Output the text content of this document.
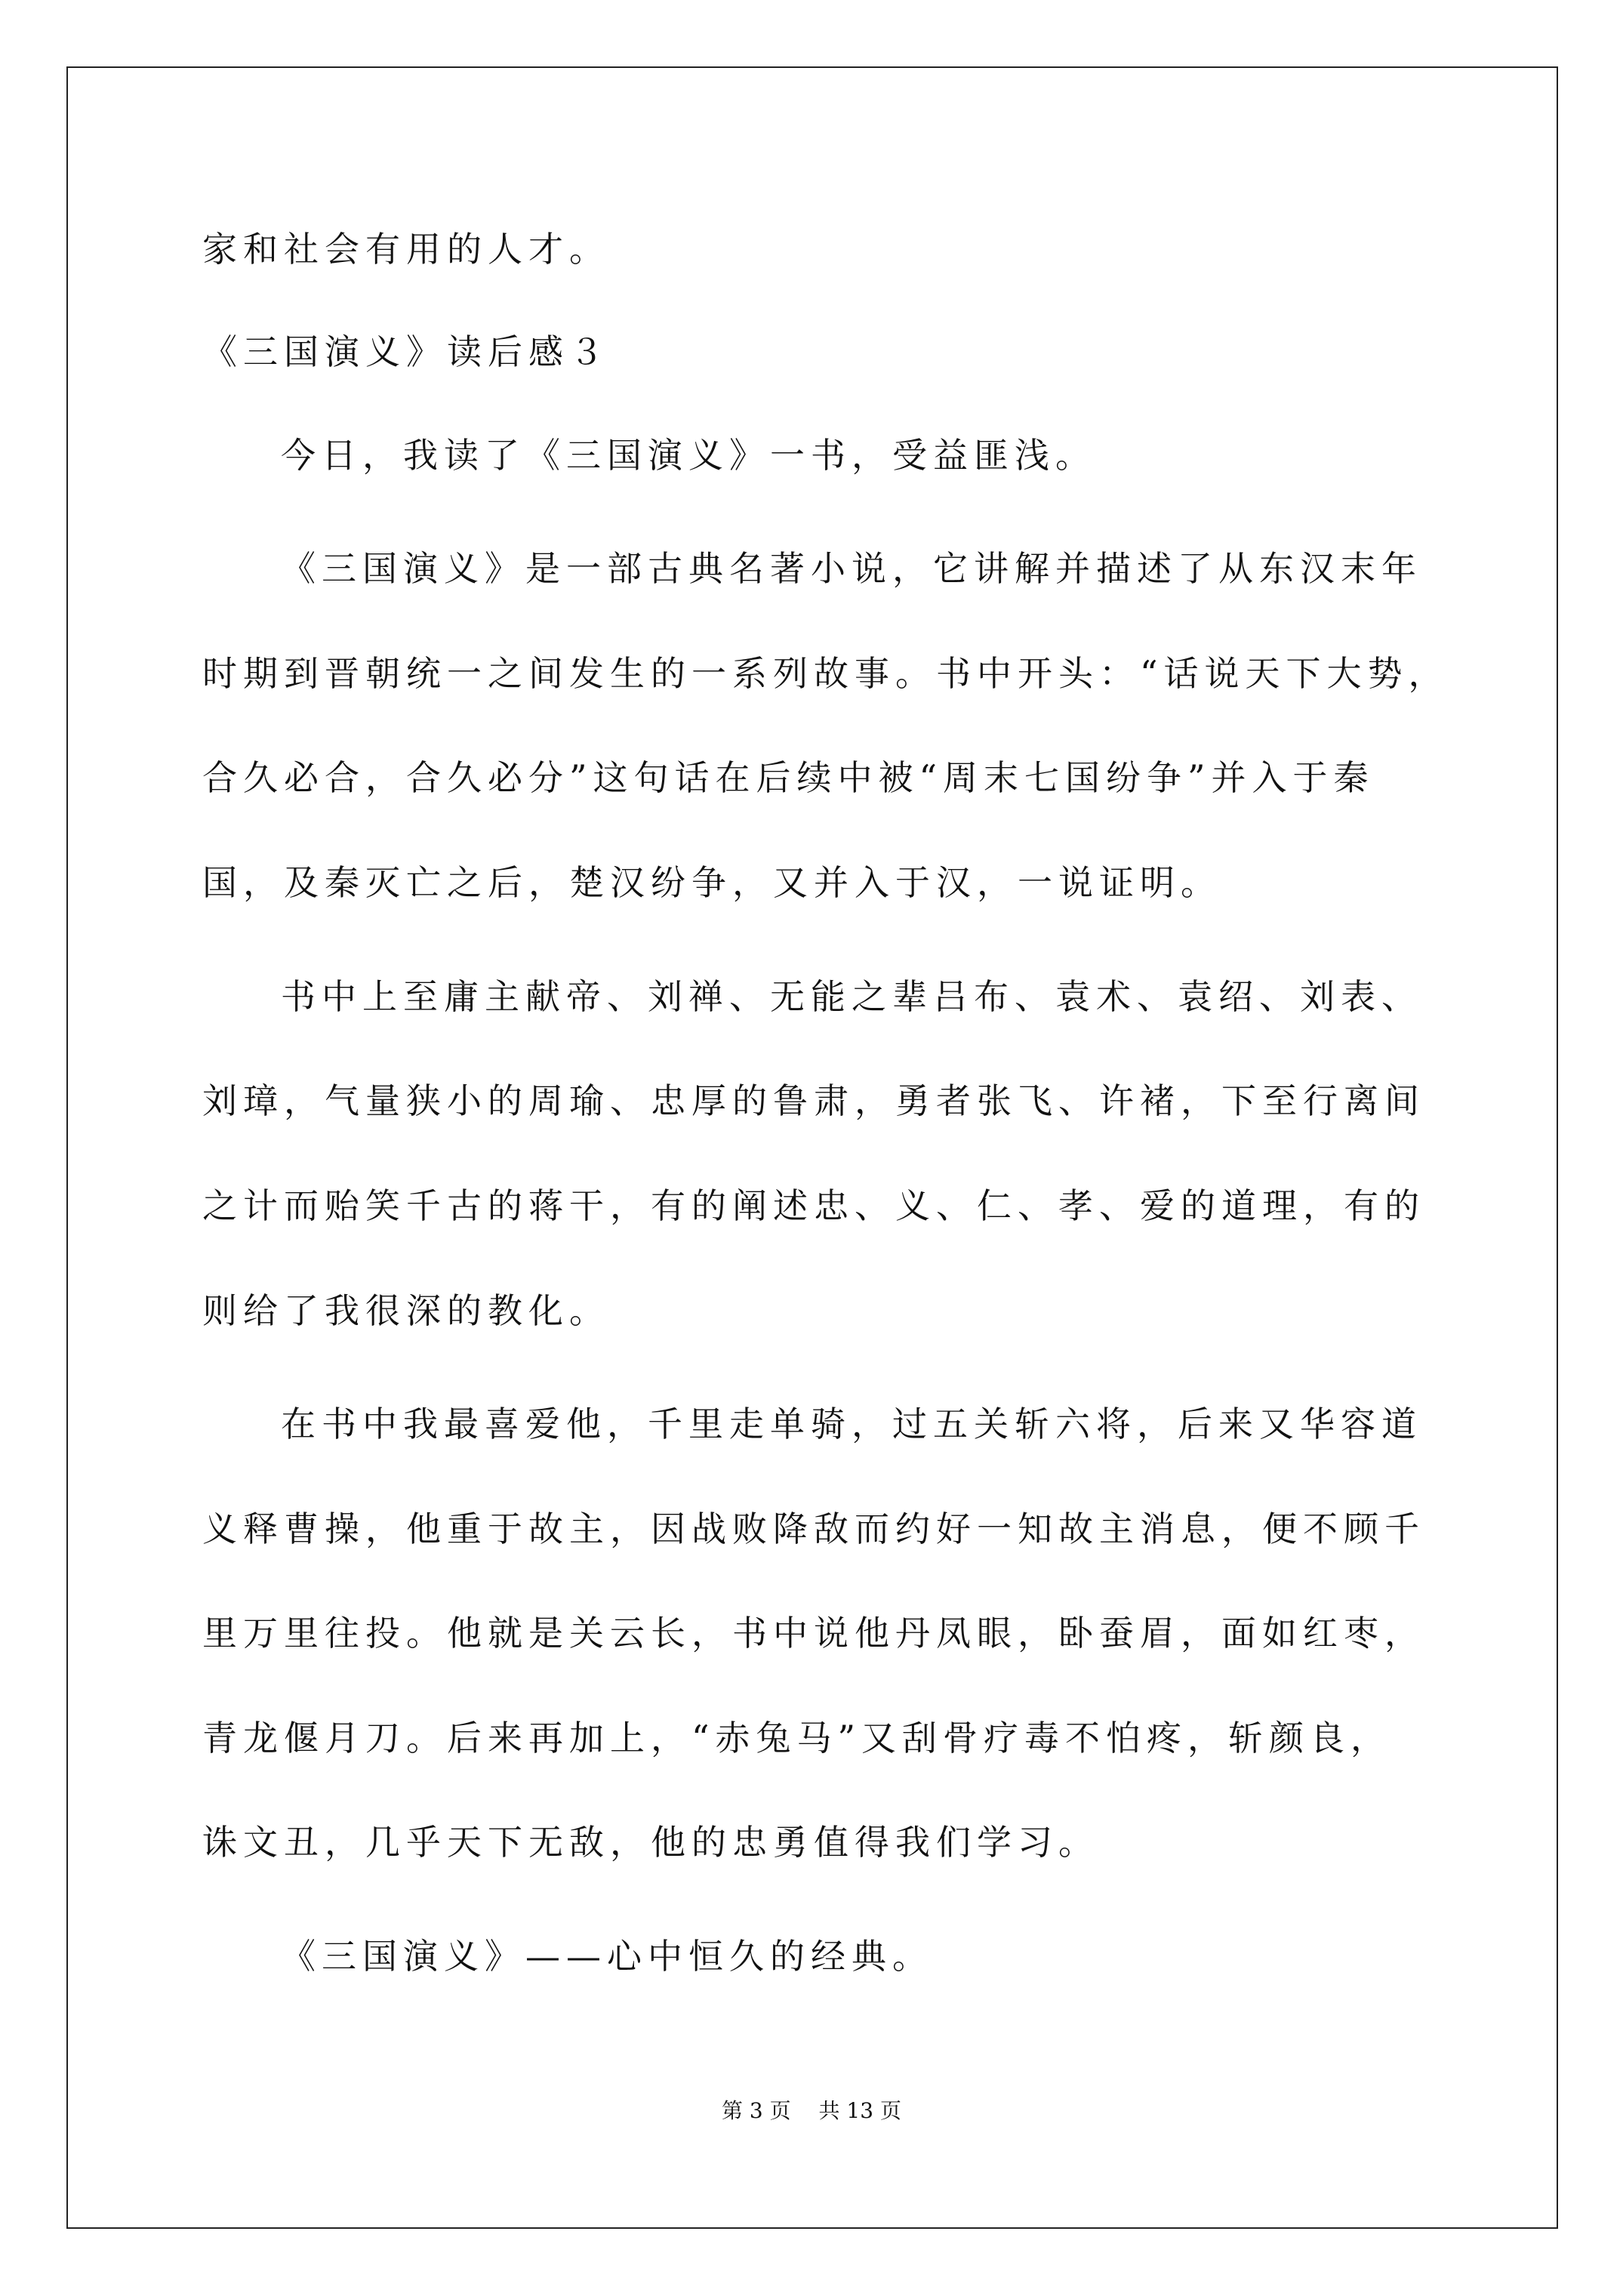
家和社会有用的人才。
《三国演义》读后感３
今日，我读了《三国演义》一书，受益匪浅。
《三国演义》是一部古典名著小说，它讲解并描述了从东汉末年
时期到晋朝统一之间发生的一系列故事。书中开头：“话说天下大势，
合久必合，合久必分”这句话在后续中被“周末七国纷争”并入于秦
国，及秦灭亡之后，楚汉纷争，又并入于汉，一说证明。
书中上至庸主献帝、刘禅、无能之辈吕布、袁术、袁绍、刘表、
刘璋，气量狭小的周瑜、忠厚的鲁肃，勇者张飞、许褚，下至行离间
之计而贻笑千古的蒋干，有的阐述忠、义、仁、孝、爱的道理，有的
则给了我很深的教化。
在书中我最喜爱他，千里走单骑，过五关斩六将，后来又华容道
义释曹操，他重于故主，因战败降敌而约好一知故主消息，便不顾千
里万里往投。他就是关云长，书中说他丹凤眼，卧蚕眉，面如红枣，
青龙偃月刀。后来再加上，“赤兔马”又刮骨疗毒不怕疼，斩颜良，
诛文丑，几乎天下无敌，他的忠勇值得我们学习。
《三国演义》——心中恒久的经典。
第 3 页　 共 13 页
